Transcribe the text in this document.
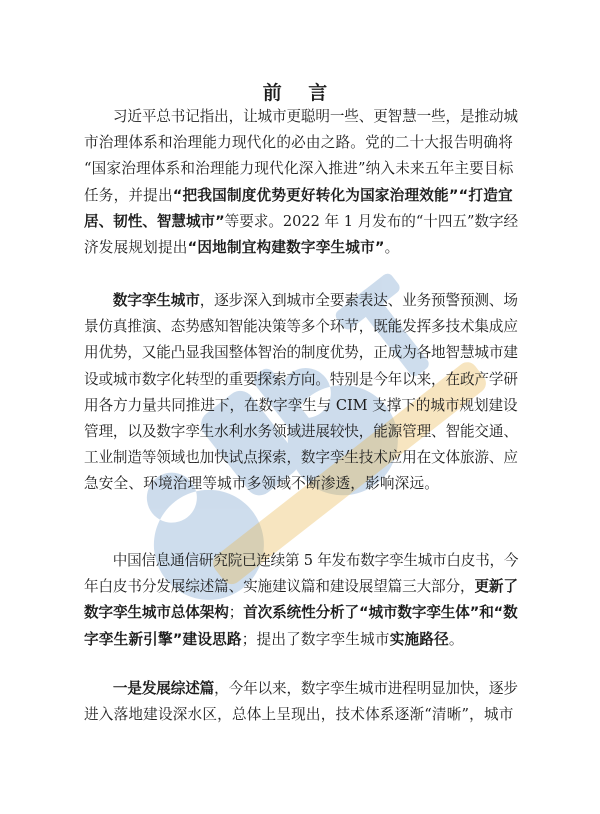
前 言
　　习近平总书记指出，让城市更聪明一些、更智慧一些，是推动城
市治理体系和治理能力现代化的必由之路。党的二十大报告明确将
“国家治理体系和治理能力现代化深入推进”纳入未来五年主要目标
任务，并提出“把我国制度优势更好转化为国家治理效能”“打造宜
居、韧性、智慧城市”等要求。2022 年 1 月发布的“十四五”数字经
济发展规划提出“因地制宜构建数字孪生城市”。
　　数字孪生城市，逐步深入到城市全要素表达、业务预警预测、场
景仿真推演、态势感知智能决策等多个环节，既能发挥多技术集成应
用优势，又能凸显我国整体智治的制度优势，正成为各地智慧城市建
设或城市数字化转型的重要探索方向。特别是今年以来，在政产学研
用各方力量共同推进下，在数字孪生与 CIM 支撑下的城市规划建设
管理，以及数字孪生水利水务领域进展较快，能源管理、智能交通、
工业制造等领域也加快试点探索，数字孪生技术应用在文体旅游、应
急安全、环境治理等城市多领域不断渗透，影响深远。
　　中国信息通信研究院已连续第 5 年发布数字孪生城市白皮书，今
年白皮书分发展综述篇、实施建议篇和建设展望篇三大部分，更新了
数字孪生城市总体架构；首次系统性分析了“城市数字孪生体”和“数
字孪生新引擎”建设思路；提出了数字孪生城市实施路径。
　　一是发展综述篇，今年以来，数字孪生城市进程明显加快，逐步
进入落地建设深水区，总体上呈现出，技术体系逐渐“清晰”，城市
